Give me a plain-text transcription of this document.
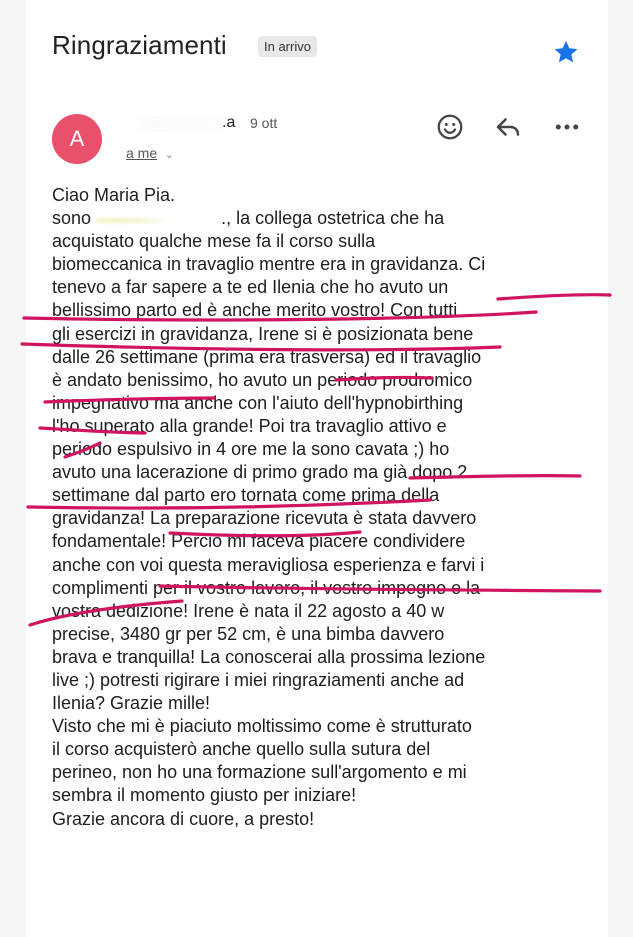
Ringraziamenti	In arrivo
A
.a 9 ott
a me ⌄
Ciao Maria Pia.
sono	., la collega ostetrica che ha
acquistato qualche mese fa il corso sulla
biomeccanica in travaglio mentre era in gravidanza. Ci
tenevo a far sapere a te ed Ilenia che ho avuto un
bellissimo parto ed è anche merito vostro! Con tutti
gli esercizi in gravidanza, Irene si è posizionata bene
dalle 26 settimane (prima era trasversa) ed il travaglio
è andato benissimo, ho avuto un periodo prodromico
impegnativo ma anche con l'aiuto dell'hypnobirthing
l'ho superato alla grande! Poi tra travaglio attivo e
periodo espulsivo in 4 ore me la sono cavata ;) ho
avuto una lacerazione di primo grado ma già dopo 2
settimane dal parto ero tornata come prima della
gravidanza! La preparazione ricevuta è stata davvero
fondamentale! Perciò mi faceva piacere condividere
anche con voi questa meravigliosa esperienza e farvi i
complimenti per il vostro lavoro, il vostro impegno e la
vostra dedizione! Irene è nata il 22 agosto a 40 w
precise, 3480 gr per 52 cm, è una bimba davvero
brava e tranquilla! La conoscerai alla prossima lezione
live ;) potresti rigirare i miei ringraziamenti anche ad
Ilenia? Grazie mille!
Visto che mi è piaciuto moltissimo come è strutturato
il corso acquisterò anche quello sulla sutura del
perineo, non ho una formazione sull'argomento e mi
sembra il momento giusto per iniziare!
Grazie ancora di cuore, a presto!
